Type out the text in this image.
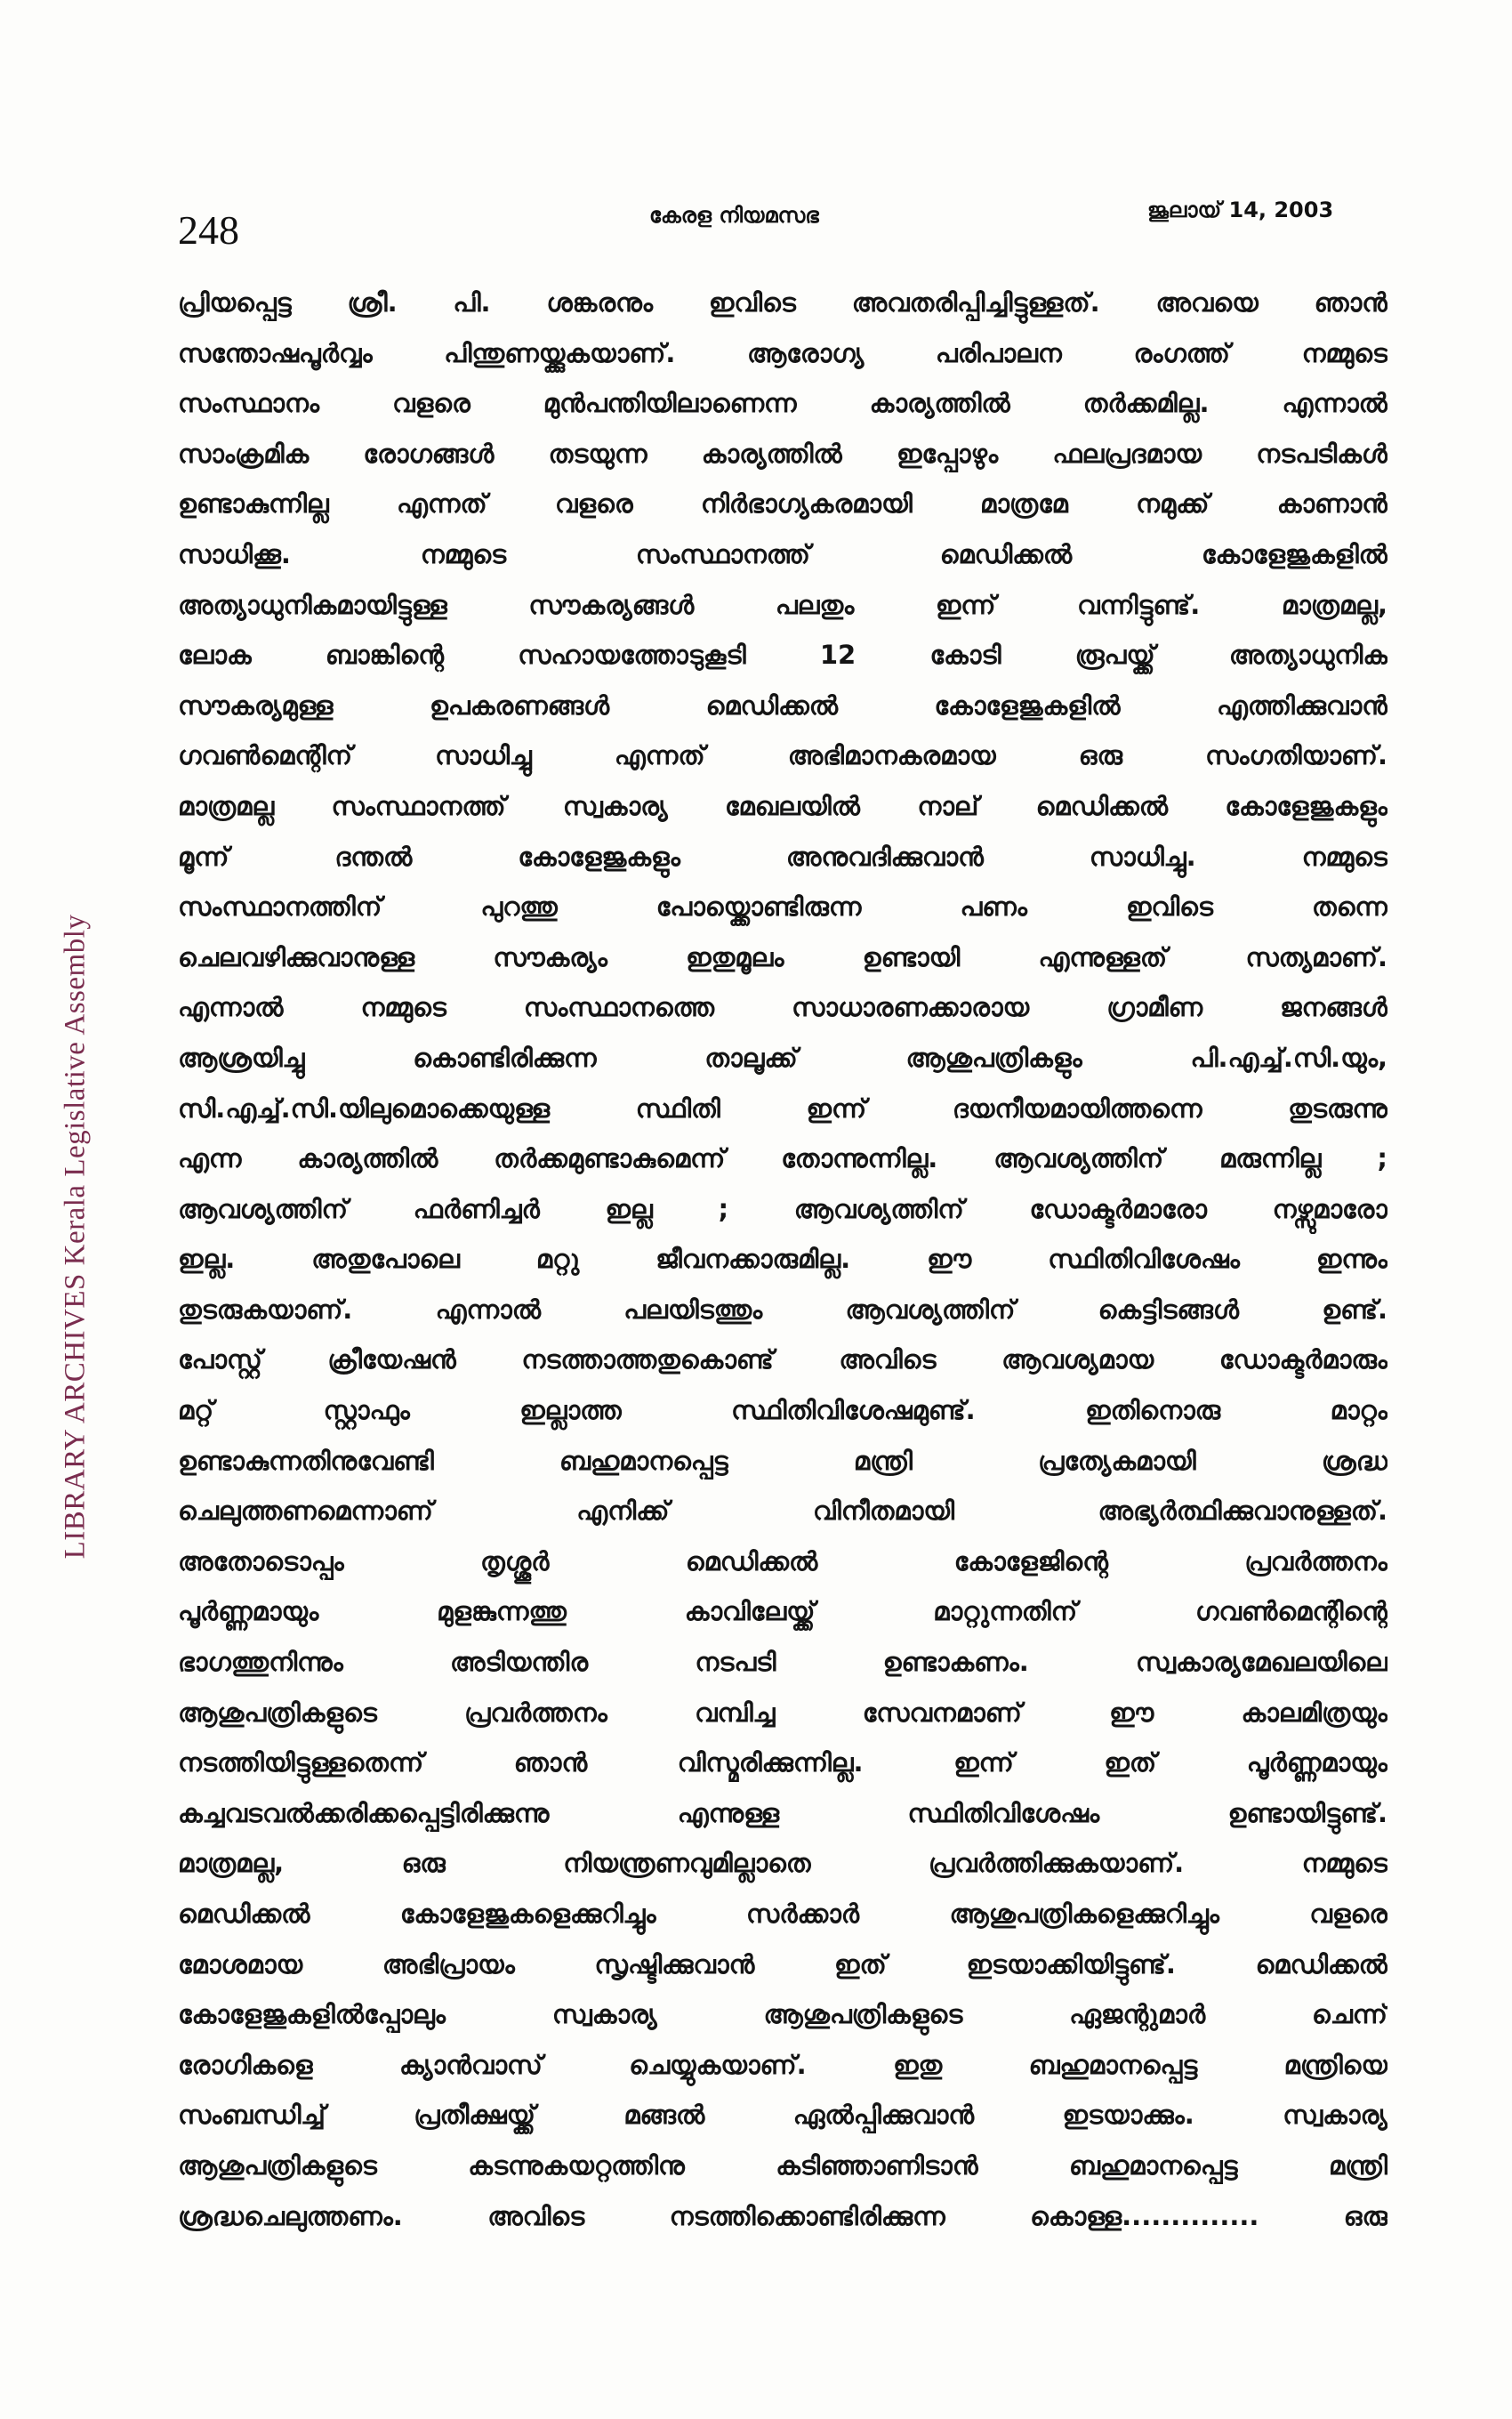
248	കേരള നിയമസഭ	ജൂലായ് 14, 2003
LIBRARY ARCHIVES Kerala Legislative Assembly
പ്രിയപ്പെട്ട ശ്രീ. പി. ശങ്കരനും ഇവിടെ അവതരിപ്പിച്ചിട്ടുള്ളത്. അവയെ ഞാൻ
സന്തോഷപൂർവ്വം പിന്തുണയ്ക്കുകയാണ്. ആരോഗ്യ പരിപാലന രംഗത്ത് നമ്മുടെ
സംസ്ഥാനം വളരെ മുൻപന്തിയിലാണെന്ന കാര്യത്തിൽ തർക്കമില്ല. എന്നാൽ
സാംക്രമിക രോഗങ്ങൾ തടയുന്ന കാര്യത്തിൽ ഇപ്പോഴും ഫലപ്രദമായ നടപടികൾ
ഉണ്ടാകുന്നില്ല എന്നത് വളരെ നിർഭാഗ്യകരമായി മാത്രമേ നമുക്ക് കാണാൻ
സാധിക്കൂ. നമ്മുടെ സംസ്ഥാനത്ത് മെഡിക്കൽ കോളേജുകളിൽ
അത്യാധുനികമായിട്ടുള്ള സൗകര്യങ്ങൾ പലതും ഇന്ന് വന്നിട്ടുണ്ട്. മാത്രമല്ല,
ലോക ബാങ്കിന്റെ സഹായത്തോടുകൂടി 12 കോടി രൂപയ്ക്ക് അത്യാധുനിക
സൗകര്യമുള്ള ഉപകരണങ്ങൾ മെഡിക്കൽ കോളേജുകളിൽ എത്തിക്കുവാൻ
ഗവൺമെന്റിന് സാധിച്ചു എന്നത് അഭിമാനകരമായ ഒരു സംഗതിയാണ്.
മാത്രമല്ല സംസ്ഥാനത്ത് സ്വകാര്യ മേഖലയിൽ നാല് മെഡിക്കൽ കോളേജുകളും
മൂന്ന് ദന്തൽ കോളേജുകളും അനുവദിക്കുവാൻ സാധിച്ചു. നമ്മുടെ
സംസ്ഥാനത്തിന് പുറത്തു പോയ്ക്കൊണ്ടിരുന്ന പണം ഇവിടെ തന്നെ
ചെലവഴിക്കുവാനുള്ള സൗകര്യം ഇതുമൂലം ഉണ്ടായി എന്നുള്ളത് സത്യമാണ്.
എന്നാൽ നമ്മുടെ സംസ്ഥാനത്തെ സാധാരണക്കാരായ ഗ്രാമീണ ജനങ്ങൾ
ആശ്രയിച്ചു കൊണ്ടിരിക്കുന്ന താലൂക്ക് ആശുപത്രികളും പി.എച്ച്.സി.യും,
സി.എച്ച്.സി.യിലുമൊക്കെയുള്ള സ്ഥിതി ഇന്ന് ദയനീയമായിത്തന്നെ തുടരുന്നു
എന്ന കാര്യത്തിൽ തർക്കമുണ്ടാകുമെന്ന് തോന്നുന്നില്ല. ആവശ്യത്തിന് മരുന്നില്ല ;
ആവശ്യത്തിന് ഫർണിച്ചർ ഇല്ല ; ആവശ്യത്തിന് ഡോക്ടർമാരോ നഴ്സുമാരോ
ഇല്ല. അതുപോലെ മറ്റു ജീവനക്കാരുമില്ല. ഈ സ്ഥിതിവിശേഷം ഇന്നും
തുടരുകയാണ്. എന്നാൽ പലയിടത്തും ആവശ്യത്തിന് കെട്ടിടങ്ങൾ ഉണ്ട്.
പോസ്റ്റ് ക്രീയേഷൻ നടത്താത്തതുകൊണ്ട് അവിടെ ആവശ്യമായ ഡോക്ടർമാരും
മറ്റ് സ്റ്റാഫും ഇല്ലാത്ത സ്ഥിതിവിശേഷമുണ്ട്. ഇതിനൊരു മാറ്റം
ഉണ്ടാകുന്നതിനുവേണ്ടി ബഹുമാനപ്പെട്ട മന്ത്രി പ്രത്യേകമായി ശ്രദ്ധ
ചെലുത്തണമെന്നാണ് എനിക്ക് വിനീതമായി അഭ്യർത്ഥിക്കുവാനുള്ളത്.
അതോടൊപ്പം തൃശ്ശൂർ മെഡിക്കൽ കോളേജിന്റെ പ്രവർത്തനം
പൂർണ്ണമായും മുളങ്കുന്നത്തു കാവിലേയ്ക്ക് മാറ്റുന്നതിന് ഗവൺമെന്റിന്റെ
ഭാഗത്തുനിന്നും അടിയന്തിര നടപടി ഉണ്ടാകണം. സ്വകാര്യമേഖലയിലെ
ആശുപത്രികളുടെ പ്രവർത്തനം വമ്പിച്ച സേവനമാണ് ഈ കാലമിത്രയും
നടത്തിയിട്ടുള്ളതെന്ന് ഞാൻ വിസ്മരിക്കുന്നില്ല. ഇന്ന് ഇത് പൂർണ്ണമായും
കച്ചവടവൽക്കരിക്കപ്പെട്ടിരിക്കുന്നു എന്നുള്ള സ്ഥിതിവിശേഷം ഉണ്ടായിട്ടുണ്ട്.
മാത്രമല്ല, ഒരു നിയന്ത്രണവുമില്ലാതെ പ്രവർത്തിക്കുകയാണ്. നമ്മുടെ
മെഡിക്കൽ കോളേജുകളെക്കുറിച്ചും സർക്കാർ ആശുപത്രികളെക്കുറിച്ചും വളരെ
മോശമായ അഭിപ്രായം സൃഷ്ടിക്കുവാൻ ഇത് ഇടയാക്കിയിട്ടുണ്ട്. മെഡിക്കൽ
കോളേജുകളിൽപ്പോലും സ്വകാര്യ ആശുപത്രികളുടെ ഏജന്റുമാർ ചെന്ന്
രോഗികളെ ക്യാൻവാസ് ചെയ്യുകയാണ്. ഇതു ബഹുമാനപ്പെട്ട മന്ത്രിയെ
സംബന്ധിച്ച് പ്രതീക്ഷയ്ക്ക് മങ്ങൽ ഏൽപ്പിക്കുവാൻ ഇടയാക്കും. സ്വകാര്യ
ആശുപത്രികളുടെ കടന്നുകയറ്റത്തിനു കടിഞ്ഞാണിടാൻ ബഹുമാനപ്പെട്ട മന്ത്രി
ശ്രദ്ധചെലുത്തണം. അവിടെ നടത്തിക്കൊണ്ടിരിക്കുന്ന കൊള്ള.............. ഒരു
